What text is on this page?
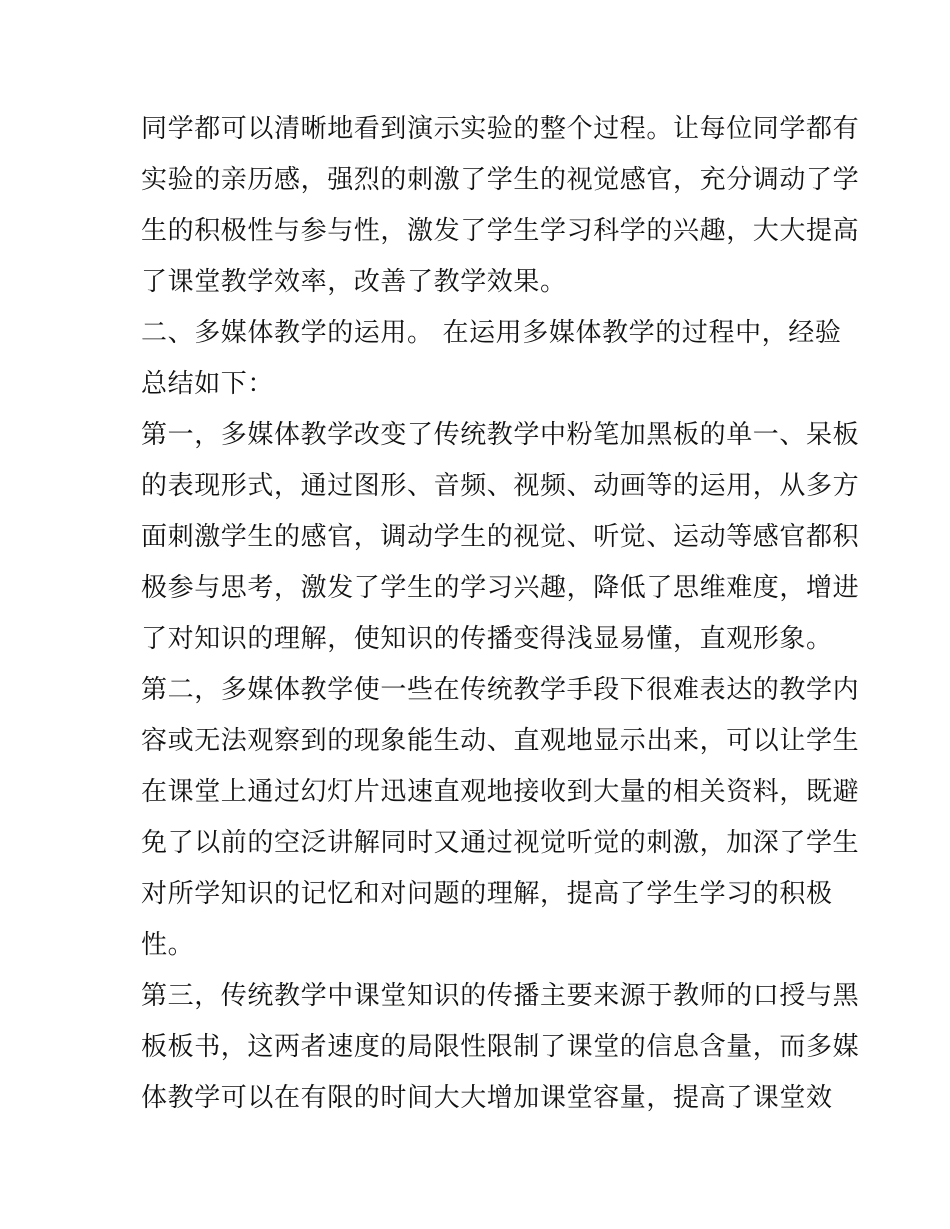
同学都可以清晰地看到演示实验的整个过程。让每位同学都有
实验的亲历感，强烈的刺激了学生的视觉感官，充分调动了学
生的积极性与参与性，激发了学生学习科学的兴趣，大大提高
了课堂教学效率，改善了教学效果。
二、多媒体教学的运用。 在运用多媒体教学的过程中，经验
总结如下：
第一，多媒体教学改变了传统教学中粉笔加黑板的单一、呆板
的表现形式，通过图形、音频、视频、动画等的运用，从多方
面刺激学生的感官，调动学生的视觉、听觉、运动等感官都积
极参与思考，激发了学生的学习兴趣，降低了思维难度，增进
了对知识的理解，使知识的传播变得浅显易懂，直观形象。
第二，多媒体教学使一些在传统教学手段下很难表达的教学内
容或无法观察到的现象能生动、直观地显示出来，可以让学生
在课堂上通过幻灯片迅速直观地接收到大量的相关资料，既避
免了以前的空泛讲解同时又通过视觉听觉的刺激，加深了学生
对所学知识的记忆和对问题的理解，提高了学生学习的积极
性。
第三，传统教学中课堂知识的传播主要来源于教师的口授与黑
板板书，这两者速度的局限性限制了课堂的信息含量，而多媒
体教学可以在有限的时间大大增加课堂容量，提高了课堂效
